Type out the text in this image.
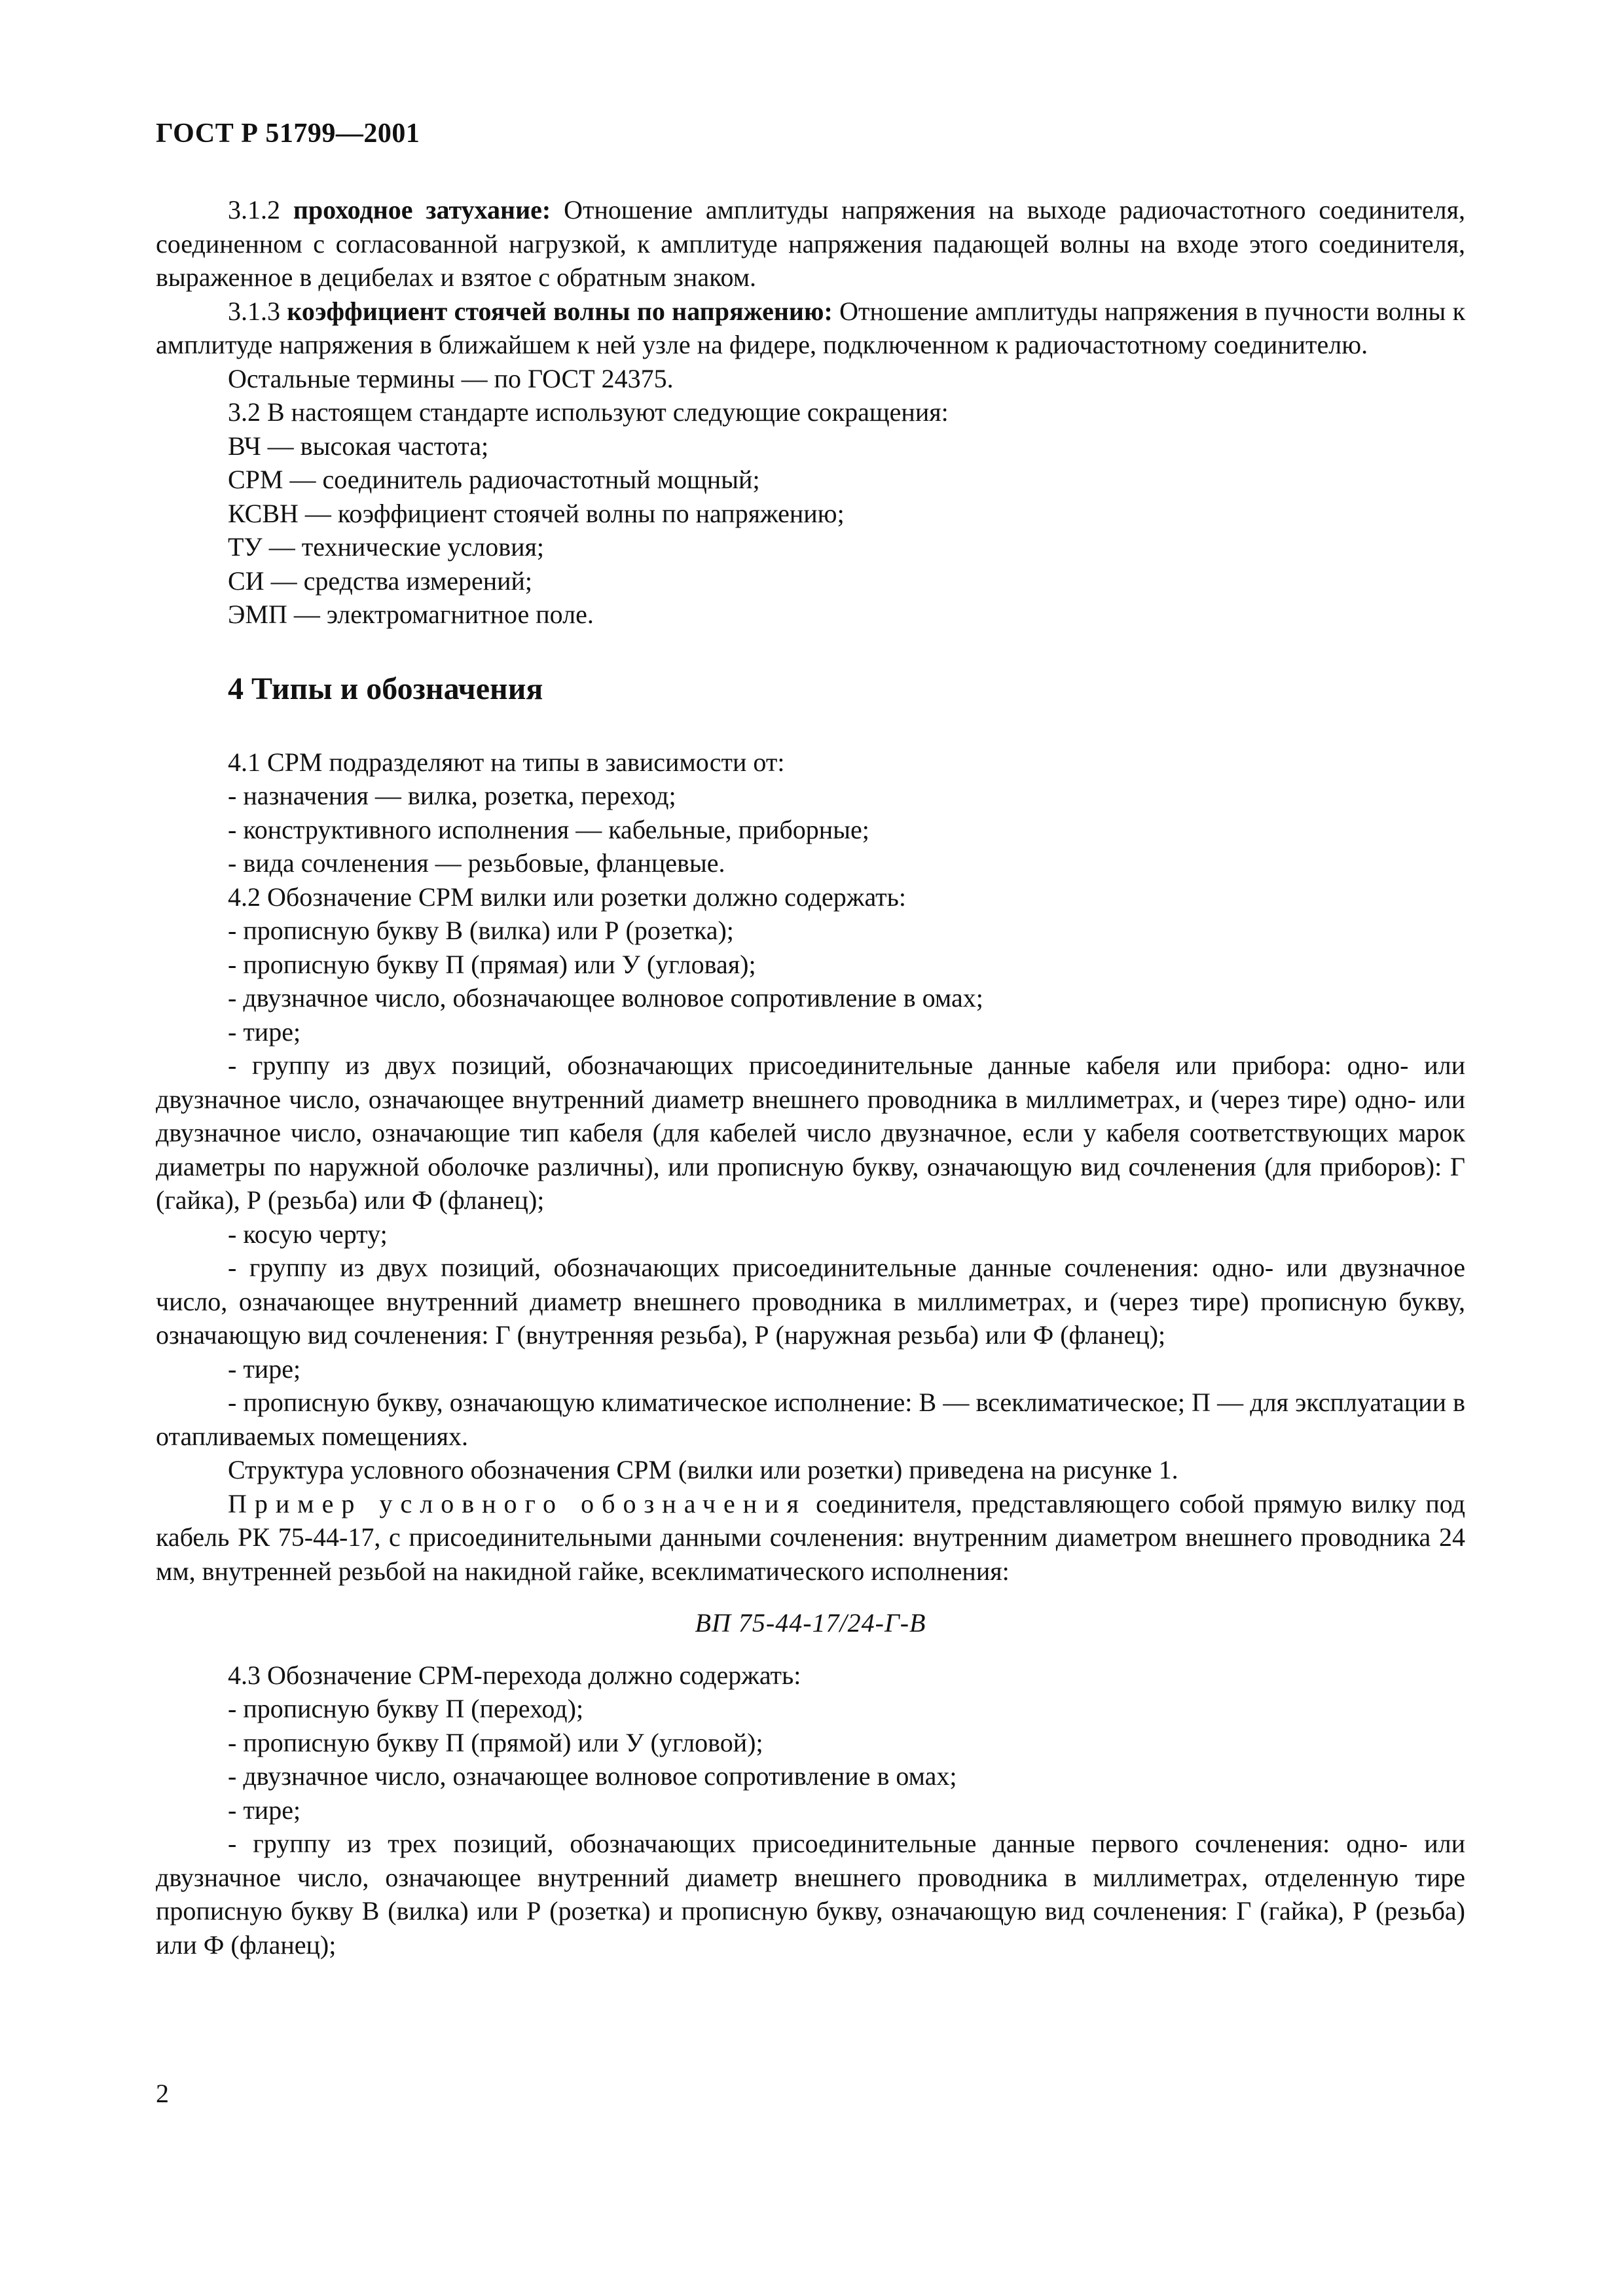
ГОСТ Р 51799—2001

3.1.2 проходное затухание: Отношение амплитуды напряжения на выходе радиочастотного соединителя, соединенном с согласованной нагрузкой, к амплитуде напряжения падающей волны на входе этого соединителя, выраженное в децибелах и взятое с обратным знаком.

3.1.3 коэффициент стоячей волны по напряжению: Отношение амплитуды напряжения в пучности волны к амплитуде напряжения в ближайшем к ней узле на фидере, подключенном к радиочастотному соединителю.

Остальные термины — по ГОСТ 24375.

3.2 В настоящем стандарте используют следующие сокращения:

ВЧ — высокая частота;

СРМ — соединитель радиочастотный мощный;

КСВН — коэффициент стоячей волны по напряжению;

ТУ — технические условия;

СИ — средства измерений;

ЭМП — электромагнитное поле.

4 Типы и обозначения

4.1 СРМ подразделяют на типы в зависимости от:

- назначения — вилка, розетка, переход;

- конструктивного исполнения — кабельные, приборные;

- вида сочленения — резьбовые, фланцевые.

4.2 Обозначение СРМ вилки или розетки должно содержать:

- прописную букву В (вилка) или Р (розетка);

- прописную букву П (прямая) или У (угловая);

- двузначное число, обозначающее волновое сопротивление в омах;

- тире;

- группу из двух позиций, обозначающих присоединительные данные кабеля или прибора: одно- или двузначное число, означающее внутренний диаметр внешнего проводника в миллиметрах, и (через тире) одно- или двузначное число, означающие тип кабеля (для кабелей число двузначное, если у кабеля соответствующих марок диаметры по наружной оболочке различны), или прописную букву, означающую вид сочленения (для приборов): Г (гайка), Р (резьба) или Ф (фланец);

- косую черту;

- группу из двух позиций, обозначающих присоединительные данные сочленения: одно- или двузначное число, означающее внутренний диаметр внешнего проводника в миллиметрах, и (через тире) прописную букву, означающую вид сочленения: Г (внутренняя резьба), Р (наружная резьба) или Ф (фланец);

- тире;

- прописную букву, означающую климатическое исполнение: В — всеклиматическое; П — для эксплуатации в отапливаемых помещениях.

Структура условного обозначения СРМ (вилки или розетки) приведена на рисунке 1.

Пример условного обозначения соединителя, представляющего собой прямую вилку под кабель РК 75-44-17, с присоединительными данными сочленения: внутренним диаметром внешнего проводника 24 мм, внутренней резьбой на накидной гайке, всеклиматического исполнения:

ВП 75-44-17/24-Г-В

4.3 Обозначение СРМ-перехода должно содержать:

- прописную букву П (переход);

- прописную букву П (прямой) или У (угловой);

- двузначное число, означающее волновое сопротивление в омах;

- тире;

- группу из трех позиций, обозначающих присоединительные данные первого сочленения: одно- или двузначное число, означающее внутренний диаметр внешнего проводника в миллиметрах, отделенную тире прописную букву В (вилка) или Р (розетка) и прописную букву, означающую вид сочленения: Г (гайка), Р (резьба) или Ф (фланец);

2
